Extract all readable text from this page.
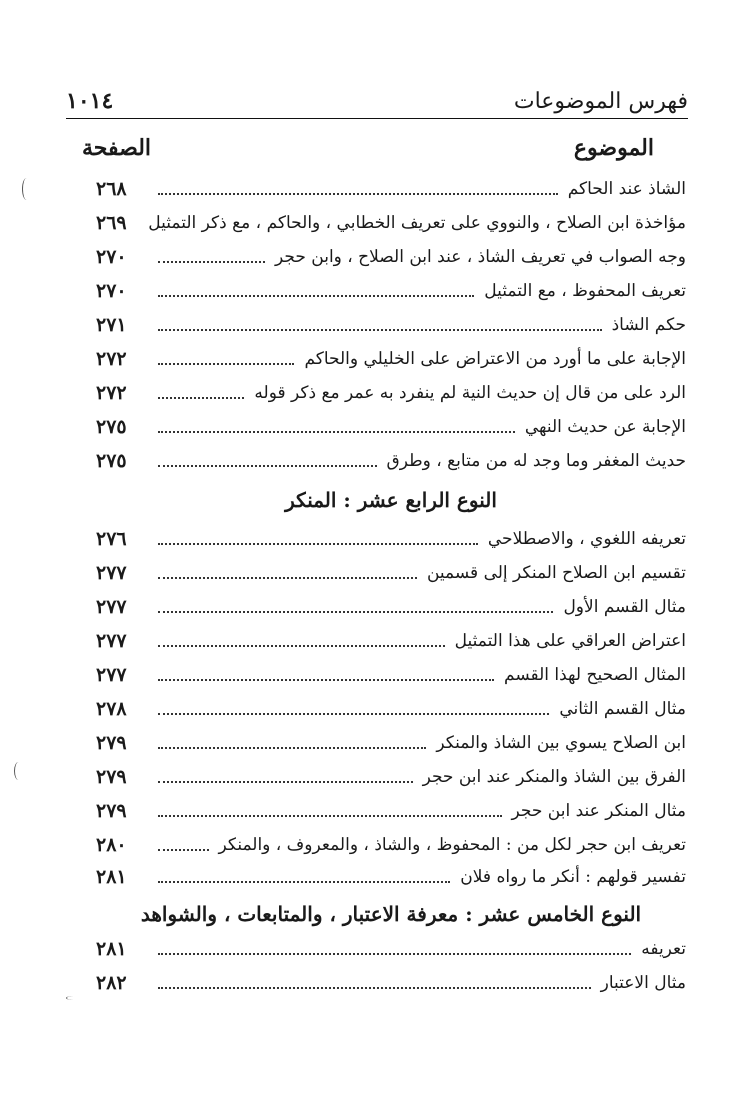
فهرس الموضوعات
١٠١٤
الموضوع
الصفحة
الشاذ عند الحاكم
٢٦٨
مؤاخذة ابن الصلاح ، والنووي على تعريف الخطابي ، والحاكم ، مع ذكر التمثيل
٢٦٩
وجه الصواب في تعريف الشاذ ، عند ابن الصلاح ، وابن حجر
٢٧٠
تعريف المحفوظ ، مع التمثيل
٢٧٠
حكم الشاذ
٢٧١
الإجابة على ما أورد من الاعتراض على الخليلي والحاكم
٢٧٢
الرد على من قال إن حديث النية لم ينفرد به عمر مع ذكر قوله
٢٧٢
الإجابة عن حديث النهي
٢٧٥
حديث المغفر وما وجد له من متابع ، وطرق
٢٧٥
النوع الرابع عشر : المنكر
تعريفه اللغوي ، والاصطلاحي
٢٧٦
تقسيم ابن الصلاح المنكر إلى قسمين
٢٧٧
مثال القسم الأول
٢٧٧
اعتراض العراقي على هذا التمثيل
٢٧٧
المثال الصحيح لهذا القسم
٢٧٧
مثال القسم الثاني
٢٧٨
ابن الصلاح يسوي بين الشاذ والمنكر
٢٧٩
الفرق بين الشاذ والمنكر عند ابن حجر
٢٧٩
مثال المنكر عند ابن حجر
٢٧٩
تعريف ابن حجر لكل من : المحفوظ ، والشاذ ، والمعروف ، والمنكر
٢٨٠
تفسير قولهم : أنكر ما رواه فلان
٢٨١
النوع الخامس عشر : معرفة الاعتبار ، والمتابعات ، والشواهد
تعريفه
٢٨١
مثال الاعتبار
٢٨٢
